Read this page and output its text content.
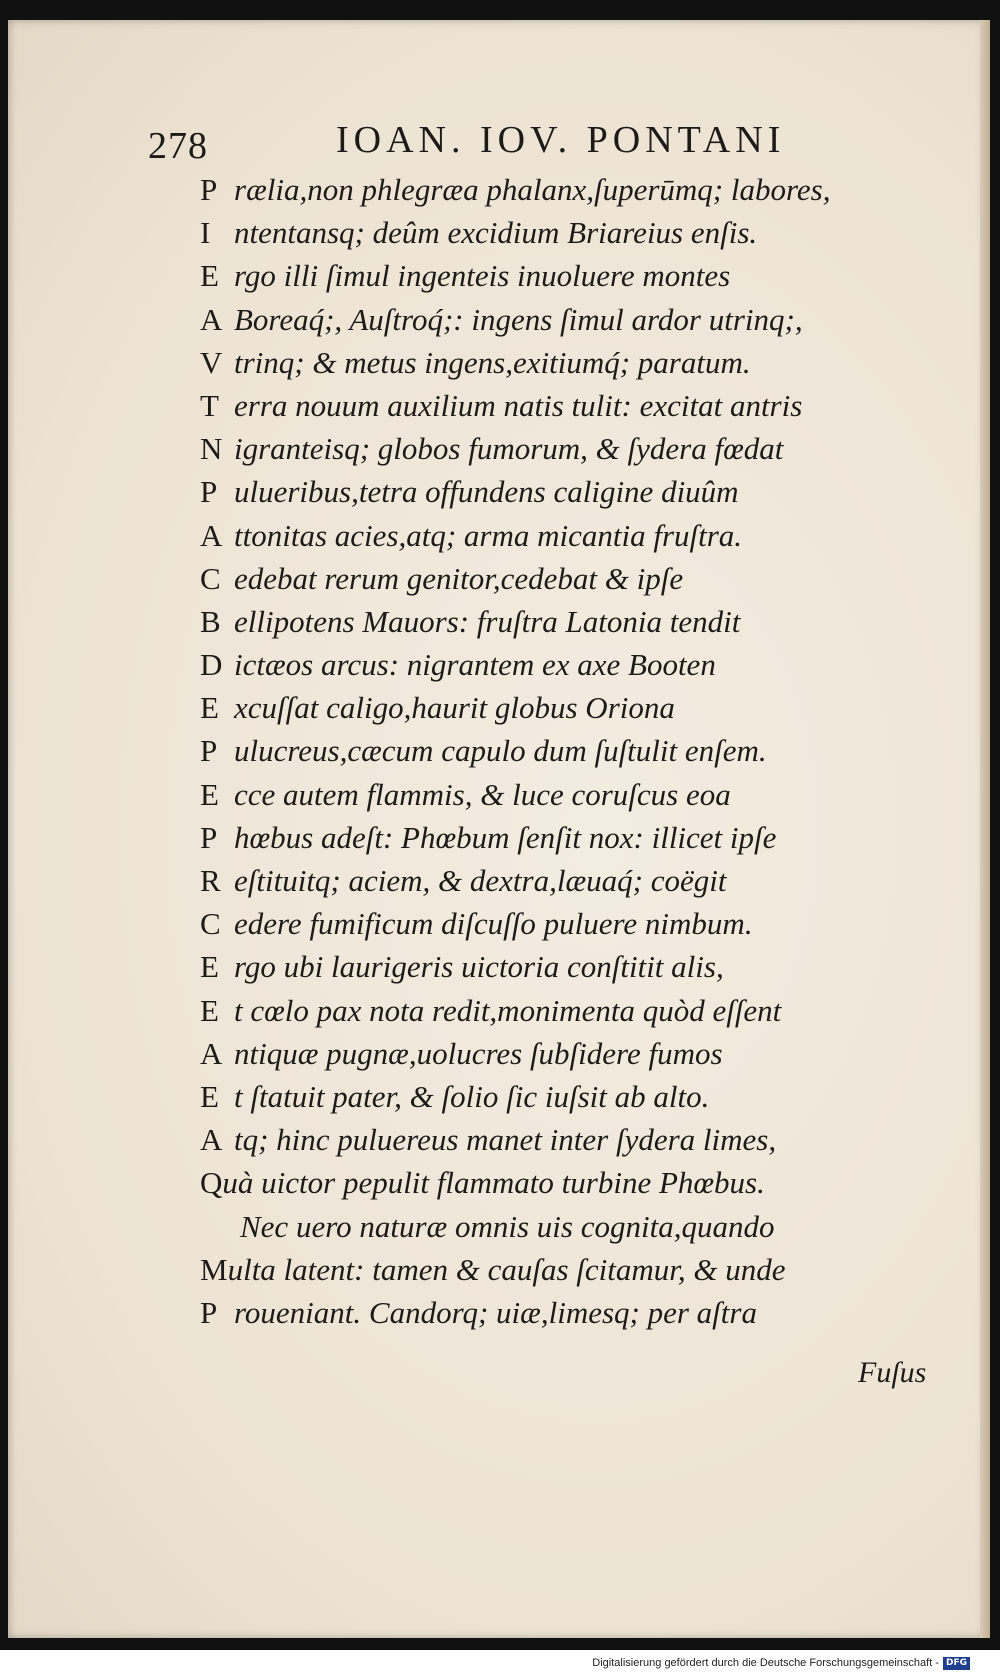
278	IOAN. IOV. PONTANI
P rælia,non phlegræa phalanx,ſuperūmq; labores,
I ntentansq; deûm excidium Briareius enſis.
E rgo illi ſimul ingenteis inuoluere montes
A Boreaq́;, Auſtroq́;: ingens ſimul ardor utrinq;,
V trinq; & metus ingens,exitiumq́; paratum.
T erra nouum auxilium natis tulit: excitat antris
N igranteisq; globos fumorum, & ſydera fœdat
P ulueribus,tetra offundens caligine diuûm
A ttonitas acies,atq; arma micantia fruſtra.
C edebat rerum genitor,cedebat & ipſe
B ellipotens Mauors: fruſtra Latonia tendit
D ictæos arcus: nigrantem ex axe Booten
E xcuſſat caligo,haurit globus Oriona
P ulucreus,cæcum capulo dum ſuſtulit enſem.
E cce autem flammis, & luce coruſcus eoa
P hœbus adeſt: Phœbum ſenſit nox: illicet ipſe
R eſtituitq; aciem, & dextra,læuaq́; coëgit
C edere fumificum diſcuſſo puluere nimbum.
E rgo ubi laurigeris uictoria conſtitit alis,
E t cœlo pax nota redit,monimenta quòd eſſent
A ntiquæ pugnæ,uolucres ſubſidere fumos
E t ſtatuit pater, & ſolio ſic iuſsit ab alto.
A tq; hinc puluereus manet inter ſydera limes,
Quà uictor pepulit flammato turbine Phœbus.
Nec uero naturæ omnis uis cognita,quando
Multa latent: tamen & cauſas ſcitamur, & unde
P roueniant. Candorq; uiæ,limesq; per aſtra
Fuſus
Digitalisierung gefördert durch die Deutsche Forschungsgemeinschaft - DFG
